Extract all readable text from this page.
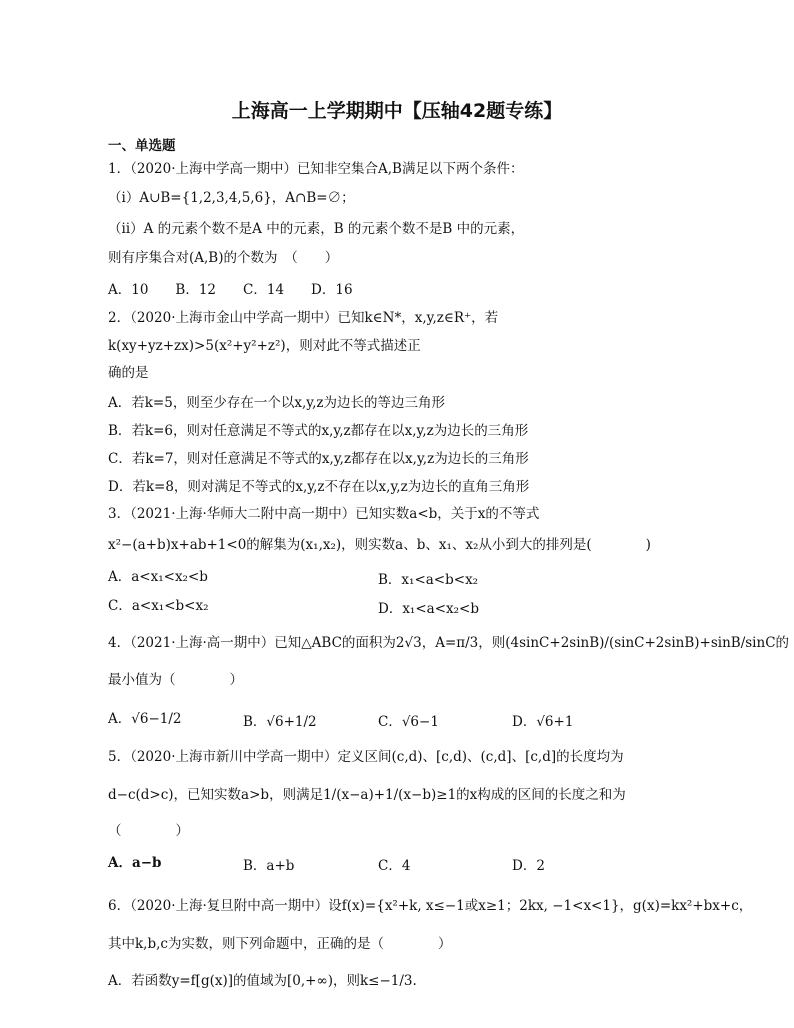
上海高一上学期期中【压轴42题专练】
一、单选题
1．（2020·上海中学高一期中）已知非空集合A,B满足以下两个条件：
（ⅰ）A∪B={1,2,3,4,5,6}，A∩B=∅；
（ⅱ）A 的元素个数不是A 中的元素，B 的元素个数不是B 中的元素，
则有序集合对(A,B)的个数为　（　　）
A．10　　B．12　　C．14　　D．16
2．（2020·上海市金山中学高一期中）已知k∈N*，x,y,z∈R⁺，若
k(xy+yz+zx)>5(x²+y²+z²)，则对此不等式描述正
确的是
A．若k=5，则至少存在一个以x,y,z为边长的等边三角形
B．若k=6，则对任意满足不等式的x,y,z都存在以x,y,z为边长的三角形
C．若k=7，则对任意满足不等式的x,y,z都存在以x,y,z为边长的三角形
D．若k=8，则对满足不等式的x,y,z不存在以x,y,z为边长的直角三角形
3．（2021·上海·华师大二附中高一期中）已知实数a<b，关于x的不等式
x²−(a+b)x+ab+1<0的解集为(x₁,x₂)，则实数a、b、x₁、x₂从小到大的排列是(　　　　)
A．a<x₁<x₂<b	B．x₁<a<b<x₂
C．a<x₁<b<x₂	D．x₁<a<x₂<b
4．（2021·上海·高一期中）已知△ABC的面积为2√3，A=π/3，则(4sinC+2sinB)/(sinC+2sinB)+sinB/sinC的
最小值为（　　　　）
A．√6−1/2	B．√6+1/2	C．√6−1	D．√6+1
5．（2020·上海市新川中学高一期中）定义区间(c,d)、[c,d)、(c,d]、[c,d]的长度均为
d−c(d>c)，已知实数a>b，则满足1/(x−a)+1/(x−b)≥1的x构成的区间的长度之和为
（　　　　）
A．a−b	B．a+b	C．4	D．2
6．（2020·上海·复旦附中高一期中）设f(x)={x²+k, x≤−1或x≥1；2kx, −1<x<1}，g(x)=kx²+bx+c，
其中k,b,c为实数，则下列命题中，正确的是（　　　　）
A．若函数y=f[g(x)]的值域为[0,+∞)，则k≤−1/3.
